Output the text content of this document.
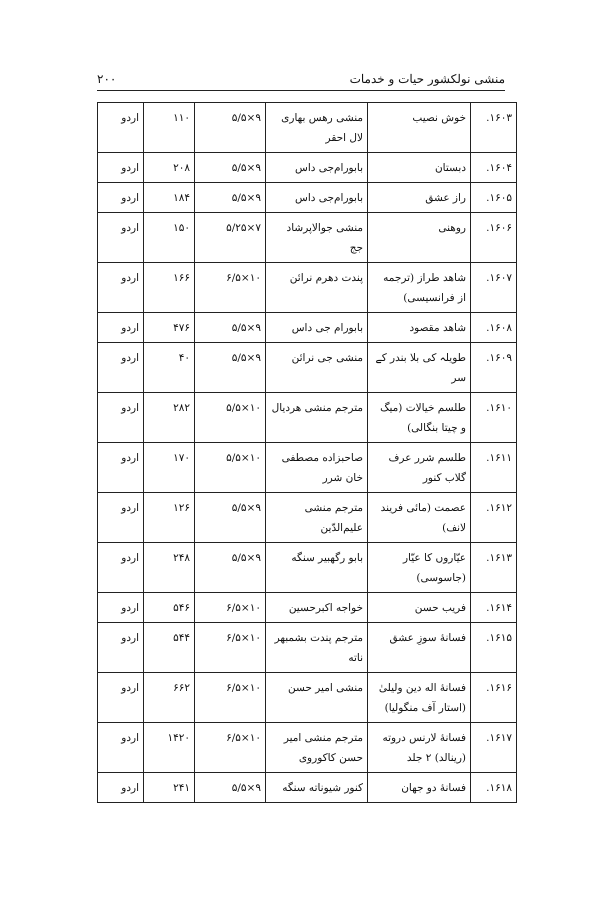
منشی نولکشور حیات و خدمات
۲۰۰
۱۶۰۳.	خوش نصیب	منشی رهس بهاری لال احقر	۹×۵/۵	۱۱۰	اردو
۱۶۰۴.	دبستان	بابورام‌جی داس	۹×۵/۵	۲۰۸	اردو
۱۶۰۵.	راز عشق	بابورام‌جی داس	۹×۵/۵	۱۸۴	اردو
۱۶۰۶.	روهنی	منشی جوالاپرشاد جج	۷×۵/۲۵	۱۵۰	اردو
۱۶۰۷.	شاهد طراز (ترجمه از فرانسیسی)	پندت دهرم نرائن	۱۰×۶/۵	۱۶۶	اردو
۱۶۰۸.	شاهد مقصود	بابورام جی داس	۹×۵/۵	۴۷۶	اردو
۱۶۰۹.	طویلہ کی بلا بندر کے سر	منشی جی نرائن	۹×۵/۵	۴۰	اردو
۱۶۱۰.	طلسم خیالات (میگ و چیتا بنگالی)	مترجم منشی هردیال	۱۰×۵/۵	۲۸۲	اردو
۱۶۱۱.	طلسم شرر عرف گلاب کنور	صاحبزاده مصطفی خان شرر	۱۰×۵/۵	۱۷۰	اردو
۱۶۱۲.	عصمت (مائی فریند لانف)	مترجم منشی علیم‌الدّین	۹×۵/۵	۱۲۶	اردو
۱۶۱۳.	عیّاروں کا عیّار (جاسوسی)	بابو رگهبیر سنگه	۹×۵/۵	۲۴۸	اردو
۱۶۱۴.	فریب حسن	خواجه اکبرحسین	۱۰×۶/۵	۵۴۶	اردو
۱۶۱۵.	فسانهٔ سوزِ عشق	مترجم پندت بشمبهر ناته	۱۰×۶/۵	۵۴۴	اردو
۱۶۱۶.	فسانهٔ اله دین ولیلیٰ (استار آف منگولیا)	منشی امیر حسن	۱۰×۶/۵	۶۶۲	اردو
۱۶۱۷.	فسانهٔ لارنس دروته (رینالد) ۲ جلد	مترجم منشی امیر حسن کاکوروی	۱۰×۶/۵	۱۴۲۰	اردو
۱۶۱۸.	فسانهٔ دو جهان	کنور شیوناته سنگه	۹×۵/۵	۲۴۱	اردو
